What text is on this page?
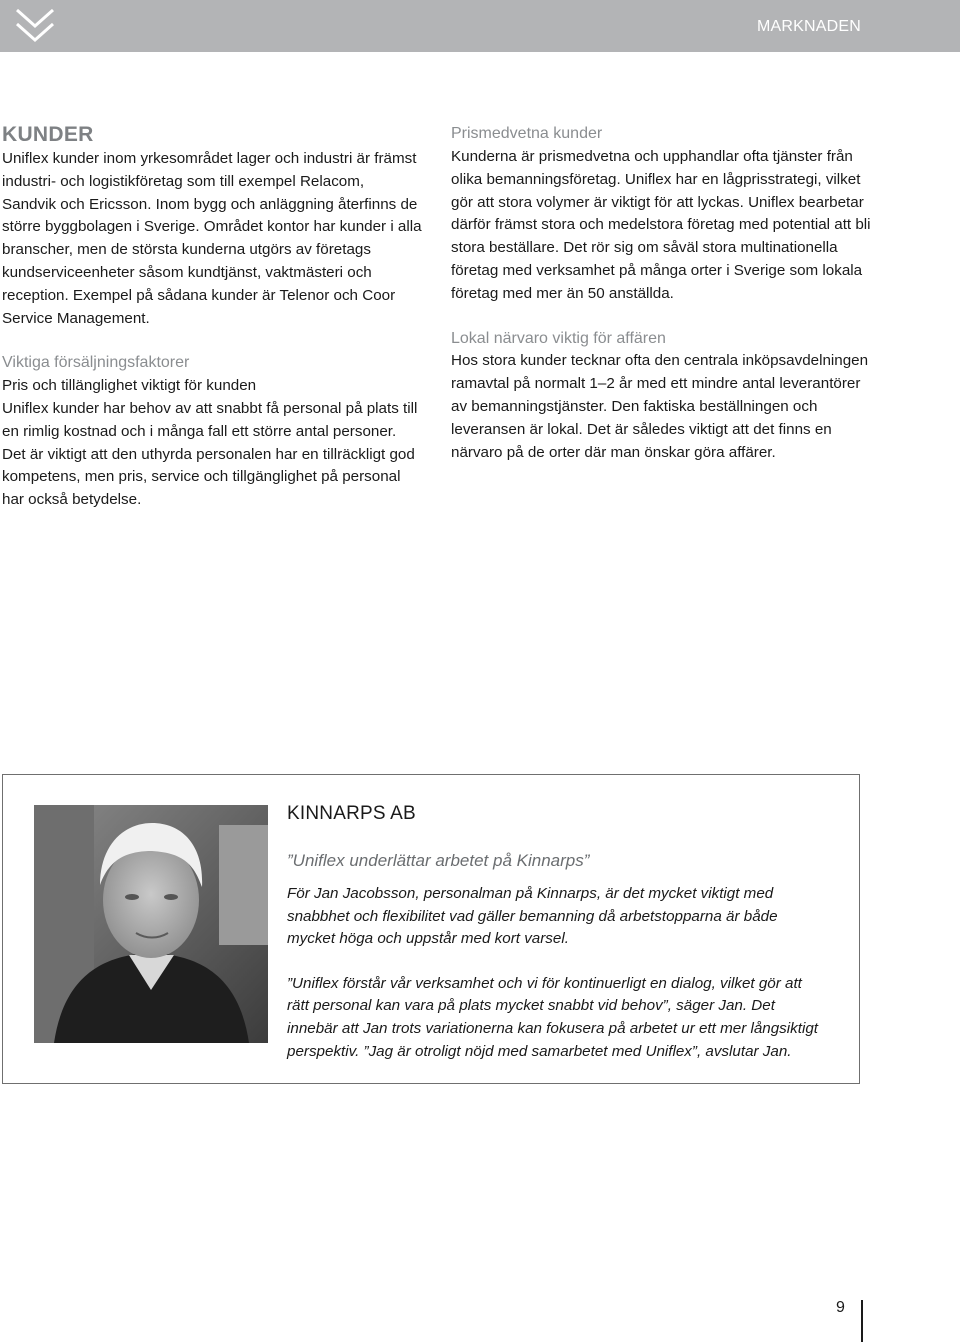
MARKNADEN
KUNDER

Uniflex kunder inom yrkesområdet lager och industri är främst industri- och logistikföretag som till exempel Relacom, Sandvik och Ericsson. Inom bygg och anläggning återfinns de större byggbolagen i Sverige. Området kontor har kunder i alla branscher, men de största kunderna utgörs av företags kundserviceenheter såsom kundtjänst, vaktmästeri och reception. Exempel på sådana kunder är Telenor och Coor Service Management.

Viktiga försäljningsfaktorer

Pris och tillänglighet viktigt för kunden

Uniflex kunder har behov av att snabbt få personal på plats till en rimlig kostnad och i många fall ett större antal personer. Det är viktigt att den uthyrda personalen har en tillräckligt god kompetens, men pris, service och tillgänglighet på personal har också betydelse.

Prismedvetna kunder

Kunderna är prismedvetna och upphandlar ofta tjänster från olika bemanningsföretag. Uniflex har en lågprisstrategi, vilket gör att stora volymer är viktigt för att lyckas. Uniflex bearbetar därför främst stora och medelstora företag med potential att bli stora beställare. Det rör sig om såväl stora multinationella företag med verksamhet på många orter i Sverige som lokala företag med mer än 50 anställda.

Lokal närvaro viktig för affären

Hos stora kunder tecknar ofta den centrala inköpsavdelningen ramavtal på normalt 1–2 år med ett mindre antal leverantörer av bemanningstjänster. Den faktiska beställningen och leveransen är lokal. Det är således viktigt att det finns en närvaro på de orter där man önskar göra affärer.

KINNARPS AB

”Uniflex underlättar arbetet på Kinnarps”

För Jan Jacobsson, personalman på Kinnarps, är det mycket viktigt med snabbhet och flexibilitet vad gäller bemanning då arbetstopparna är både mycket höga och uppstår med kort varsel.

”Uniflex förstår vår verksamhet och vi för kontinuerligt en dialog, vilket gör att rätt personal kan vara på plats mycket snabbt vid behov”, säger Jan. Det innebär att Jan trots variationerna kan fokusera på arbetet ur ett mer långsiktigt perspektiv. ”Jag är otroligt nöjd med samarbetet med Uniflex”, avslutar Jan.

9
